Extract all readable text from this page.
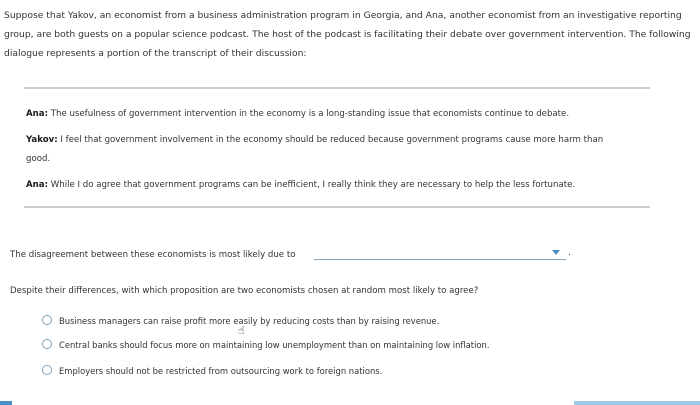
Suppose that Yakov, an economist from a business administration program in Georgia, and Ana, another economist from an investigative reporting
group, are both guests on a popular science podcast. The host of the podcast is facilitating their debate over government intervention. The following
dialogue represents a portion of the transcript of their discussion:
Ana: The usefulness of government intervention in the economy is a long-standing issue that economists continue to debate.
Yakov: I feel that government involvement in the economy should be reduced because government programs cause more harm than
good.
Ana: While I do agree that government programs can be inefficient, I really think they are necessary to help the less fortunate.
The disagreement between these economists is most likely due to	.
Despite their differences, with which proposition are two economists chosen at random most likely to agree?
Business managers can raise profit more easily by reducing costs than by raising revenue.
Central banks should focus more on maintaining low unemployment than on maintaining low inflation.
Employers should not be restricted from outsourcing work to foreign nations.
☝
